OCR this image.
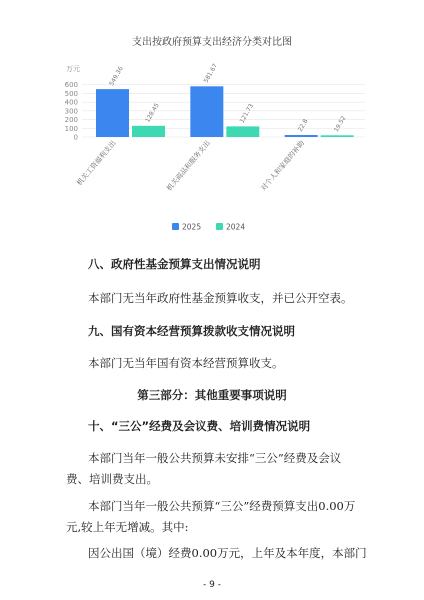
支出按政府预算支出经济分类对比图
万元	549.36
128.45
581.67
121.73
22.8	19.52
0
100
200
300
400
500
600
机关工资福利支出	机关商品和服务支出	对个人和家庭的补助
2025	2024
八、政府性基金预算支出情况说明
本部门无当年政府性基金预算收支，并已公开空表。
九、国有资本经营预算拨款收支情况说明
本部门无当年国有资本经营预算收支。
第三部分：其他重要事项说明
十、“三公”经费及会议费、培训费情况说明
本部门当年一般公共预算未安排“三公”经费及会议
费、培训费支出。
本部门当年一般公共预算“三公”经费预算支出0.00万
元,较上年无增减。其中:
因公出国（境）经费0.00万元，上年及本年度，本部门
- 9 -
